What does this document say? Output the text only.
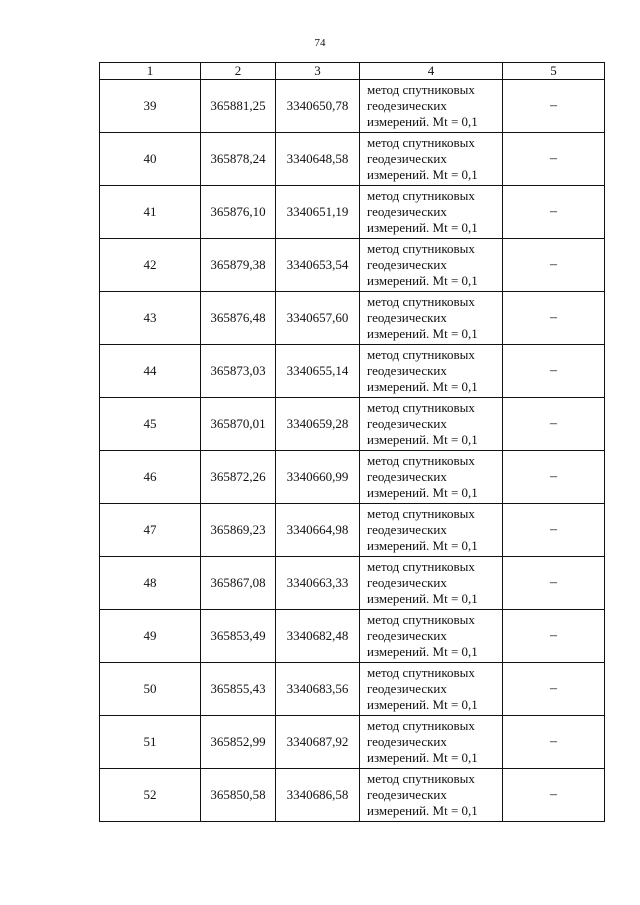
74
1	2	3	4	5
39	365881,25	3340650,78	метод спутниковых
геодезических
измерений. Mt = 0,1	–
40	365878,24	3340648,58	метод спутниковых
геодезических
измерений. Mt = 0,1	–
41	365876,10	3340651,19	метод спутниковых
геодезических
измерений. Mt = 0,1	–
42	365879,38	3340653,54	метод спутниковых
геодезических
измерений. Mt = 0,1	–
43	365876,48	3340657,60	метод спутниковых
геодезических
измерений. Mt = 0,1	–
44	365873,03	3340655,14	метод спутниковых
геодезических
измерений. Mt = 0,1	–
45	365870,01	3340659,28	метод спутниковых
геодезических
измерений. Mt = 0,1	–
46	365872,26	3340660,99	метод спутниковых
геодезических
измерений. Mt = 0,1	–
47	365869,23	3340664,98	метод спутниковых
геодезических
измерений. Mt = 0,1	–
48	365867,08	3340663,33	метод спутниковых
геодезических
измерений. Mt = 0,1	–
49	365853,49	3340682,48	метод спутниковых
геодезических
измерений. Mt = 0,1	–
50	365855,43	3340683,56	метод спутниковых
геодезических
измерений. Mt = 0,1	–
51	365852,99	3340687,92	метод спутниковых
геодезических
измерений. Mt = 0,1	–
52	365850,58	3340686,58	метод спутниковых
геодезических
измерений. Mt = 0,1	–
